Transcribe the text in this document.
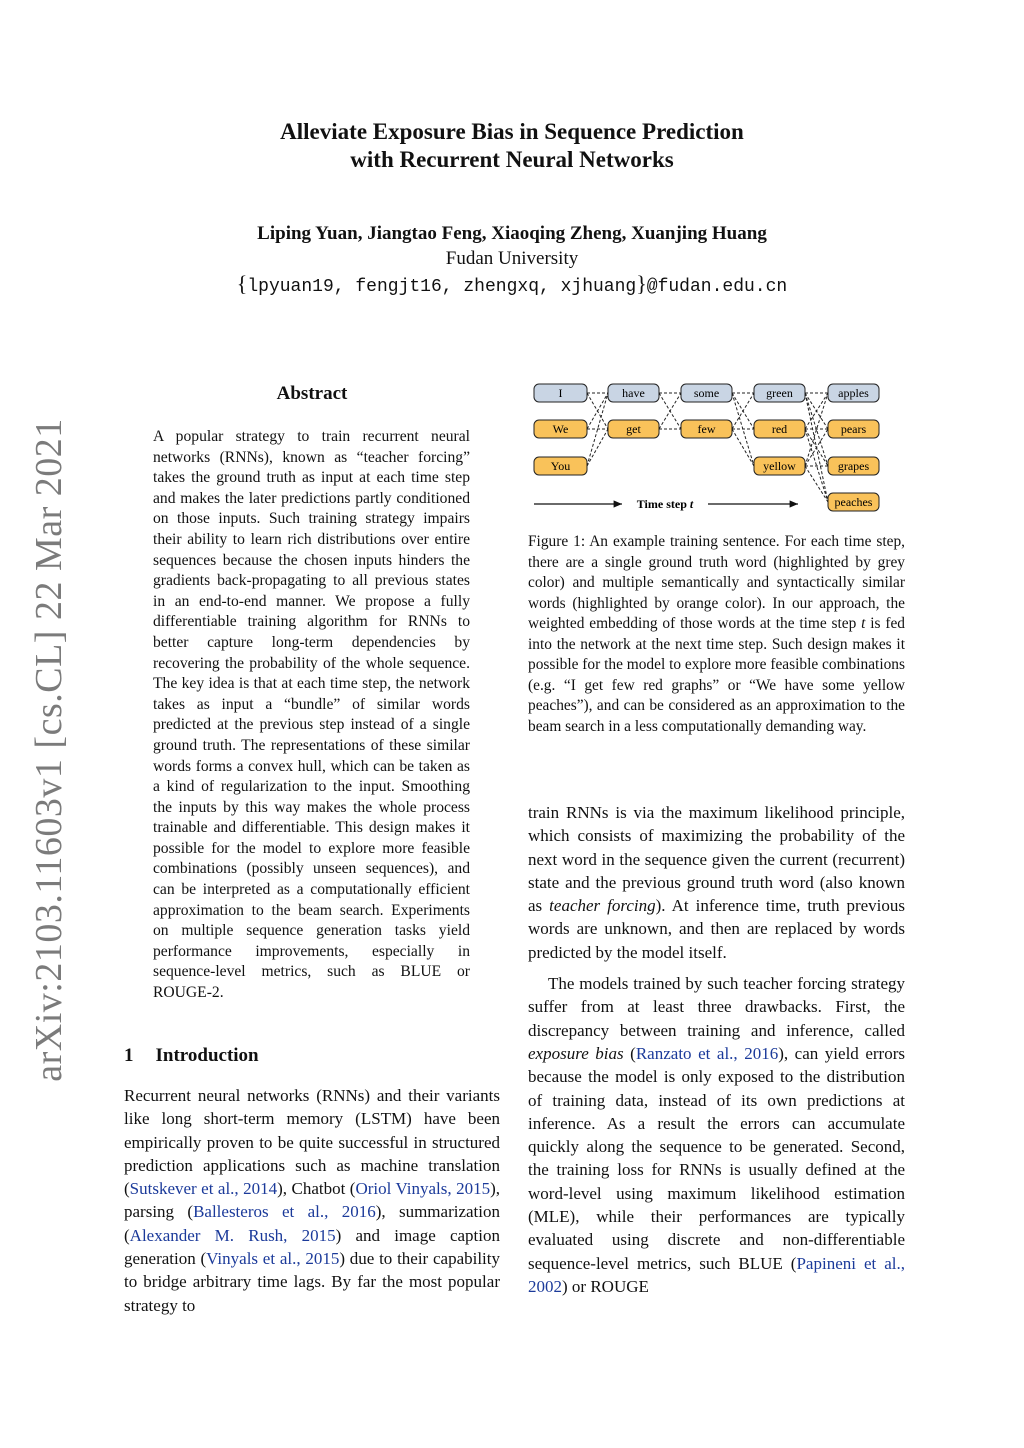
arXiv:2103.11603v1 [cs.CL] 22 Mar 2021
Alleviate Exposure Bias in Sequence Prediction
with Recurrent Neural Networks
Liping Yuan, Jiangtao Feng, Xiaoqing Zheng, Xuanjing Huang
Fudan University
{lpyuan19, fengjt16, zhengxq, xjhuang}@fudan.edu.cn
Abstract
A popular strategy to train recurrent neural networks (RNNs), known as “teacher forcing” takes the ground truth as input at each time step and makes the later predictions partly conditioned on those inputs. Such training strategy impairs their ability to learn rich distributions over entire sequences because the chosen inputs hinders the gradients back-propagating to all previous states in an end-to-end manner. We propose a fully differentiable training algorithm for RNNs to better capture long-term dependencies by recovering the probability of the whole sequence. The key idea is that at each time step, the network takes as input a “bundle” of similar words predicted at the previous step instead of a single ground truth. The representations of these similar words forms a convex hull, which can be taken as a kind of regularization to the input. Smoothing the inputs by this way makes the whole process trainable and differentiable. This design makes it possible for the model to explore more feasible combinations (possibly unseen sequences), and can be interpreted as a computationally efficient approximation to the beam search. Experiments on multiple sequence generation tasks yield performance improvements, especially in sequence-level metrics, such as BLUE or ROUGE-2.
1 Introduction
Recurrent neural networks (RNNs) and their variants like long short-term memory (LSTM) have been empirically proven to be quite successful in structured prediction applications such as machine translation (Sutskever et al., 2014), Chatbot (Oriol Vinyals, 2015), parsing (Ballesteros et al., 2016), summarization (Alexander M. Rush, 2015) and image caption generation (Vinyals et al., 2015) due to their capability to bridge arbitrary time lags. By far the most popular strategy to
I
We
You
have
get
some
few
green
red
yellow
apples
pears
grapes
peaches
Time step t
Figure 1: An example training sentence. For each time step, there are a single ground truth word (highlighted by grey color) and multiple semantically and syntactically similar words (highlighted by orange color). In our approach, the weighted embedding of those words at the time step t is fed into the network at the next time step. Such design makes it possible for the model to explore more feasible combinations (e.g. “I get few red graphs” or “We have some yellow peaches”), and can be considered as an approximation to the beam search in a less computationally demanding way.

train RNNs is via the maximum likelihood principle, which consists of maximizing the probability of the next word in the sequence given the current (recurrent) state and the previous ground truth word (also known as teacher forcing). At inference time, truth previous words are unknown, and then are replaced by words predicted by the model itself.

The models trained by such teacher forcing strategy suffer from at least three drawbacks. First, the discrepancy between training and inference, called exposure bias (Ranzato et al., 2016), can yield errors because the model is only exposed to the distribution of training data, instead of its own predictions at inference. As a result the errors can accumulate quickly along the sequence to be generated. Second, the training loss for RNNs is usually defined at the word-level using maximum likelihood estimation (MLE), while their performances are typically evaluated using discrete and non-differentiable sequence-level metrics, such BLUE (Papineni et al., 2002) or ROUGE
